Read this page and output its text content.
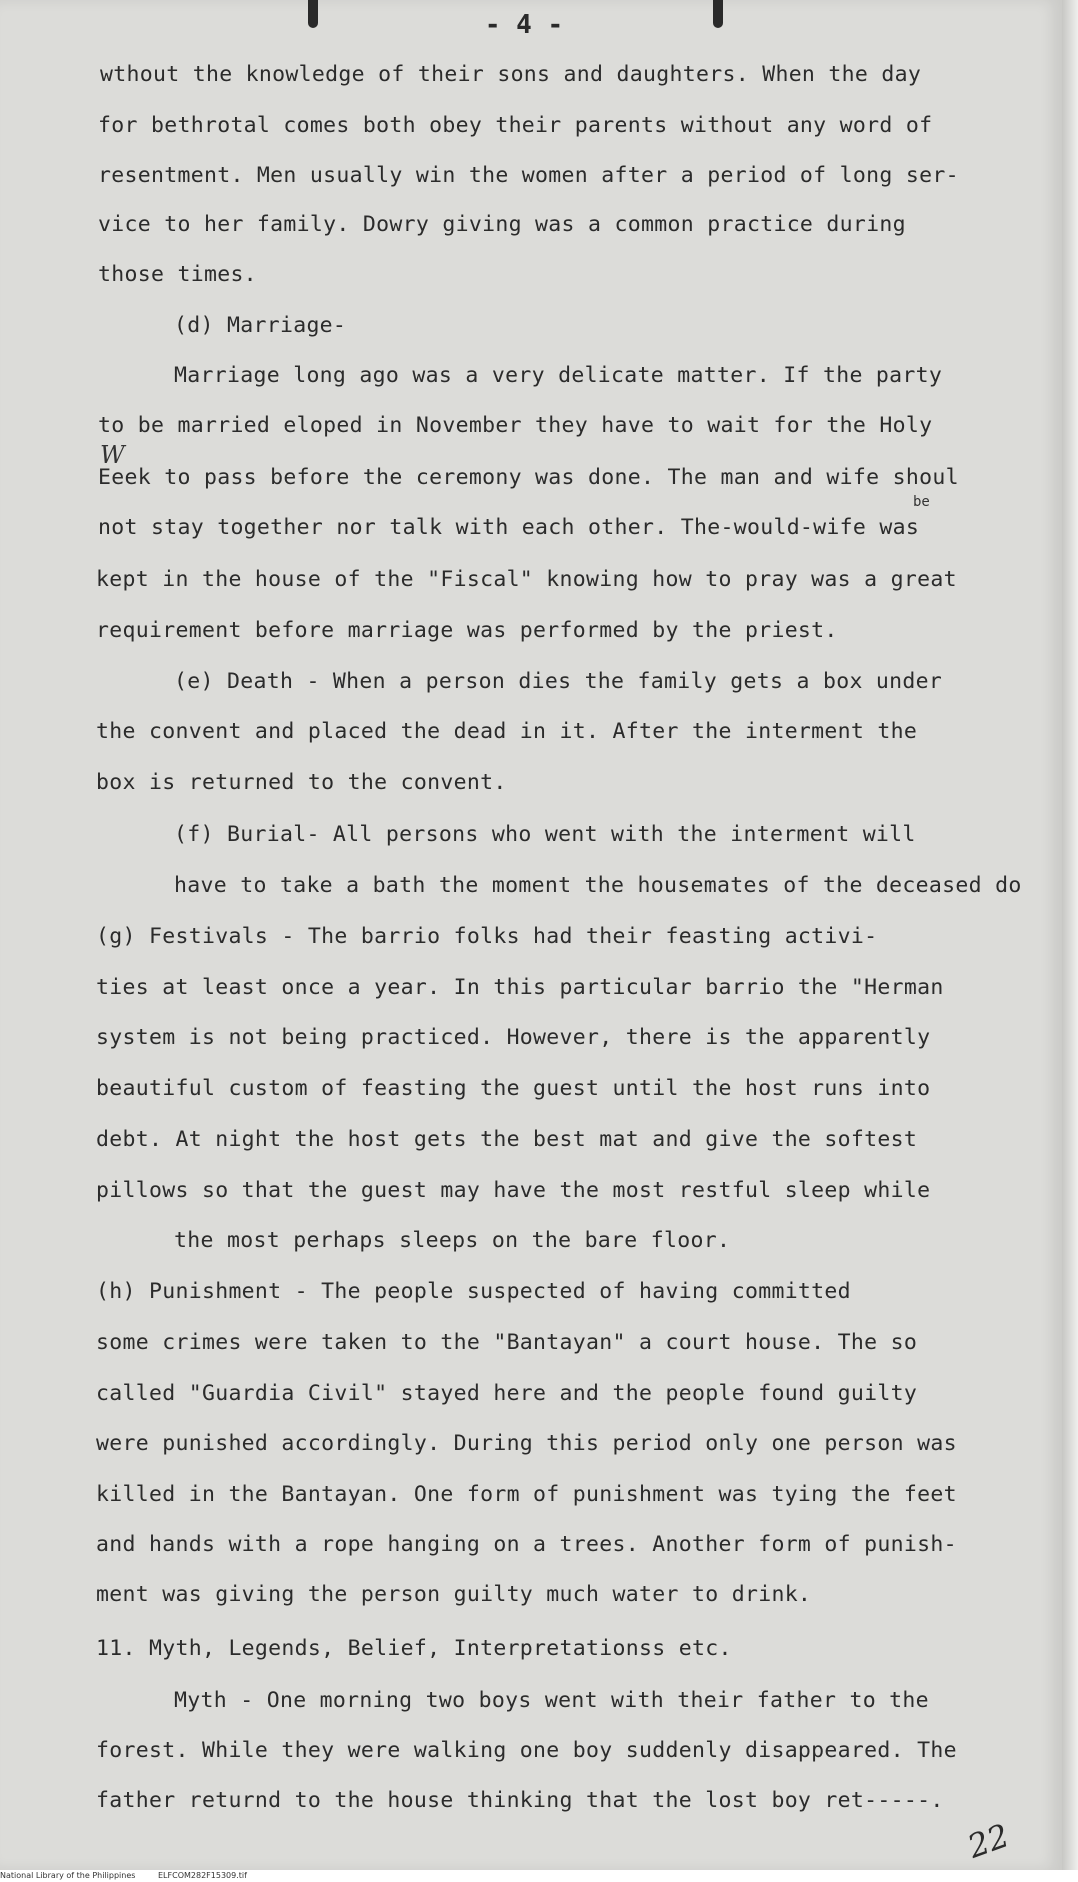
- 4 -
wthout the knowledge of their sons and daughters. When the day
for bethrotal comes both obey their parents without any word of
resentment. Men usually win the women after a period of long ser-
vice to her family. Dowry giving was a common practice during
those times.
(d) Marriage-
Marriage long ago was a very delicate matter. If the party
to be married eloped in November they have to wait for the Holy
Eeek to pass before the ceremony was done. The man and wife shoul
not stay together nor talk with each other. The-would-wife was
kept in the house of the "Fiscal" knowing how to pray was a great
requirement before marriage was performed by the priest.
(e) Death - When a person dies the family gets a box under
the convent and placed the dead in it. After the interment the
box is returned to the convent.
(f) Burial- All persons who went with the interment will
have to take a bath the moment the housemates of the deceased do
(g) Festivals - The barrio folks had their feasting activi-
ties at least once a year. In this particular barrio the "Herman
system is not being practiced. However, there is the apparently
beautiful custom of feasting the guest until the host runs into
debt. At night the host gets the best mat and give the softest
pillows so that the guest may have the most restful sleep while
the most perhaps sleeps on the bare floor.
(h) Punishment - The people suspected of having committed
some crimes were taken to the "Bantayan" a court house. The so
called "Guardia Civil" stayed here and the people found guilty
were punished accordingly. During this period only one person was
killed in the Bantayan. One form of punishment was tying the feet
and hands with a rope hanging on a trees. Another form of punish-
ment was giving the person guilty much water to drink.
11. Myth, Legends, Belief, Interpretationss etc.
Myth - One morning two boys went with their father to the
forest. While they were walking one boy suddenly disappeared. The
father returnd to the house thinking that the lost boy ret-----.
W
be
22
National Library of the Philippines	ELFCOM282F15309.tif
